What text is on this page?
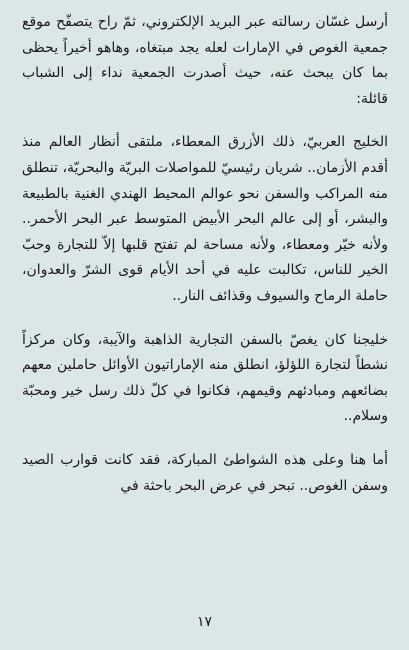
أرسل غسّان رسالته عبر البريد الإلكتروني، ثمّ راح يتصفّح موقع جمعية الغوص في الإمارات لعله يجد مبتغاه، وهاهو أخيراً يحظى بما كان يبحث عنه، حيث أصدرت الجمعية نداء إلى الشباب قائلة:

الخليج العربيّ، ذلك الأزرق المعطاء، ملتقى أنظار العالم منذ أقدم الأزمان.. شريان رئيسيّ للمواصلات البريّة والبحريّة، تنطلق منه المراكب والسفن نحو عوالم المحيط الهندي الغنية بالطبيعة والبشر، أو إلى عالم البحر الأبيض المتوسط عبر البحر الأحمر.. ولأنه خيّر ومعطاء، ولأنه مساحة لم تفتح قلبها إلاّ للتجارة وحبّ الخير للناس، تكالبت عليه في أحد الأيام قوى الشرّ والعدوان، حاملة الرماح والسيوف وقذائف النار..

خليجنا كان يغصّ بالسفن التجارية الذاهبة والآيبة، وكان مركزاً نشطاً لتجارة اللؤلؤ، انطلق منه الإماراتيون الأوائل حاملين معهم بضائعهم ومبادئهم وقيمهم، فكانوا في كلّ ذلك رسل خير ومحبّة وسلام..

أما هنا وعلى هذه الشواطئ المباركة، فقد كانت قوارب الصيد وسفن الغوص.. تبحر في عرض البحر باحثة في

١٧
